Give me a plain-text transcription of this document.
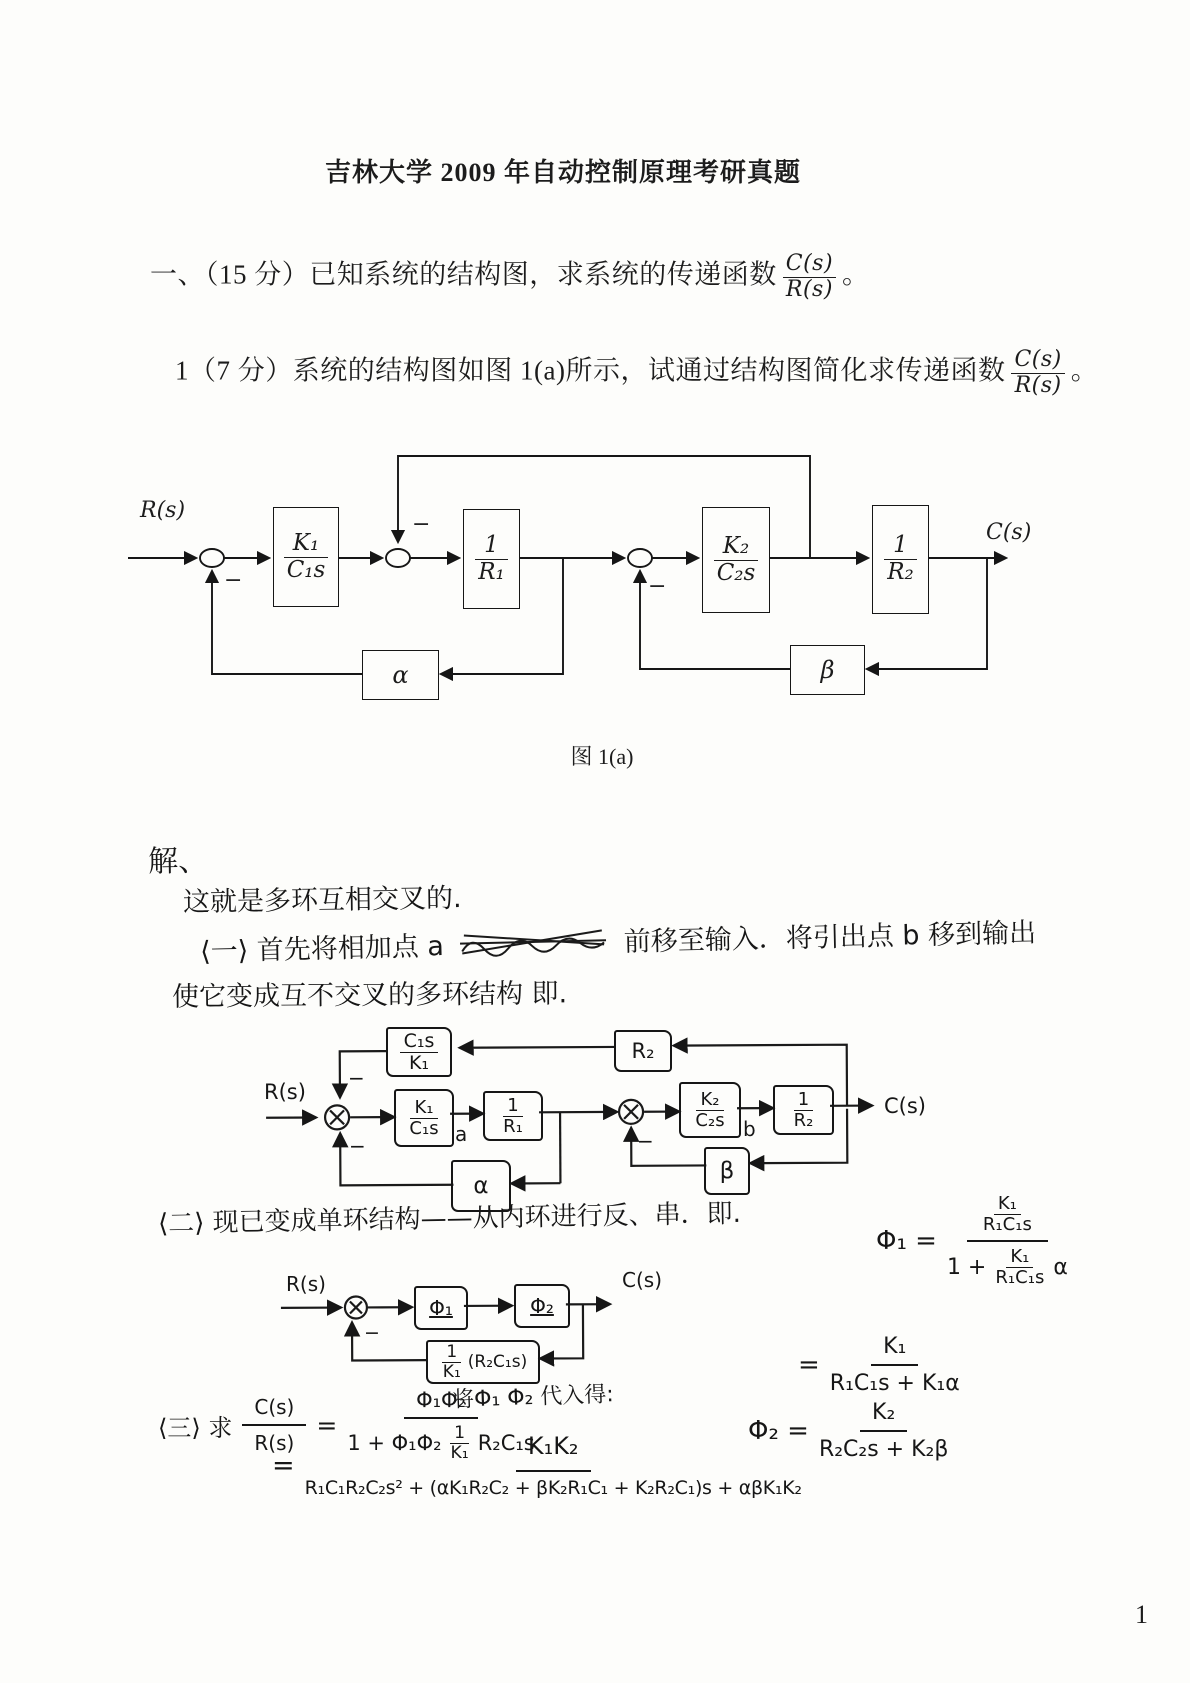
吉林大学 2009 年自动控制原理考研真题
一、（15 分）已知系统的结构图，求系统的传递函数 $\frac{C(s)}{R(s)}$ 。
1（7 分）系统的结构图如图 1(a)所示，试通过结构图简化求传递函数 $\frac{C(s)}{R(s)}$ 。
R(s)
C(s)
−
−
−
$\frac{\text{K₁}}{\text{C₁s}}$	$\frac{1}{\text{R₁}}$	$\frac{\text{K₂}}{\text{C₂s}}$	$\frac{1}{\text{R₂}}$
α	β
图 1(a)
解、
这就是多环互相交叉的.
⟨一⟩ 首先将相加点 a	前移至输入．将引出点 b 移到输出
使它变成互不交叉的多环结构 即.
R(s)
C(s)
−
−	−
a	b
$\frac{\text{C₁s}}{\text{K₁}}$	R₂
$\frac{\text{K₁}}{\text{C₁s}}$	$\frac{1}{\text{R₁}}$	$\frac{\text{K₂}}{\text{C₂s}}$	$\frac{1}{\text{R₂}}$
α
β
⟨二⟩ 现已变成单环结构——从内环进行反、串．即.
$\Phi_1 = \frac{\frac{\text{K₁}}{\text{R₁C₁s}}}{1 + \frac{\text{K₁}}{\text{R₁C₁s}} \alpha}$
= $\frac{\text{K₁}}{\text{R₁C₁s + K₁α}}$
R(s)	C(s)
−
Φ₁	Φ₂
$\frac{1}{\text{K₁}} (R_2C_1s)$
将Φ₁ Φ₂ 代入得:
$\Phi_2 = \frac{\text{K₂}}{\text{R₂C₂s + K₂β}}$
⟨三⟩ 求 $\frac{C(s)}{R(s)} = \frac{\text{Φ₁Φ₂}}{1 + \Phi_1\Phi_2 \frac{1}{\text{K₁}} R_2C_1s}$
=
K₁K₂
R₁C₁R₂C₂s² + (αK₁R₂C₂ + βK₂R₁C₁ + K₂R₂C₁)s + αβK₁K₂
1
